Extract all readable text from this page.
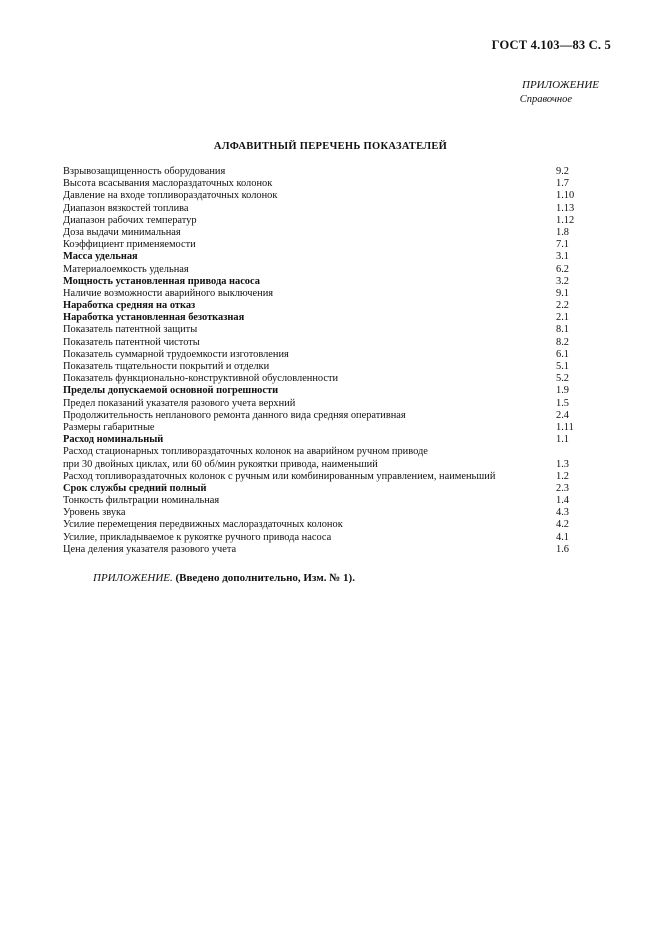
ГОСТ 4.103—83 С. 5
ПРИЛОЖЕНИЕ
Справочное
АЛФАВИТНЫЙ ПЕРЕЧЕНЬ ПОКАЗАТЕЛЕЙ
Взрывозащищенность оборудования	9.2
Высота всасывания маслораздаточных колонок	1.7
Давление на входе топливораздаточных колонок	1.10
Диапазон вязкостей топлива	1.13
Диапазон рабочих температур	1.12
Доза выдачи минимальная	1.8
Коэффициент применяемости	7.1
Масса удельная	3.1
Материалоемкость удельная	6.2
Мощность установленная привода насоса	3.2
Наличие возможности аварийного выключения	9.1
Наработка средняя на отказ	2.2
Наработка установленная безотказная	2.1
Показатель патентной защиты	8.1
Показатель патентной чистоты	8.2
Показатель суммарной трудоемкости изготовления	6.1
Показатель тщательности покрытий и отделки	5.1
Показатель функционально-конструктивной обусловленности	5.2
Пределы допускаемой основной погрешности	1.9
Предел показаний указателя разового учета верхний	1.5
Продолжительность непланового ремонта данного вида средняя оперативная	2.4
Размеры габаритные	1.11
Расход номинальный	1.1
Расход стационарных топливораздаточных колонок на аварийном ручном приводе
при 30 двойных циклах, или 60 об/мин рукоятки привода, наименьший	1.3
Расход топливораздаточных колонок с ручным или комбинированным управлением, наименьший	1.2
Срок службы средний полный	2.3
Тонкость фильтрации номинальная	1.4
Уровень звука	4.3
Усилие перемещения передвижных маслораздаточных колонок	4.2
Усилие, прикладываемое к рукоятке ручного привода насоса	4.1
Цена деления указателя разового учета	1.6
ПРИЛОЖЕНИЕ. (Введено дополнительно, Изм. № 1).
